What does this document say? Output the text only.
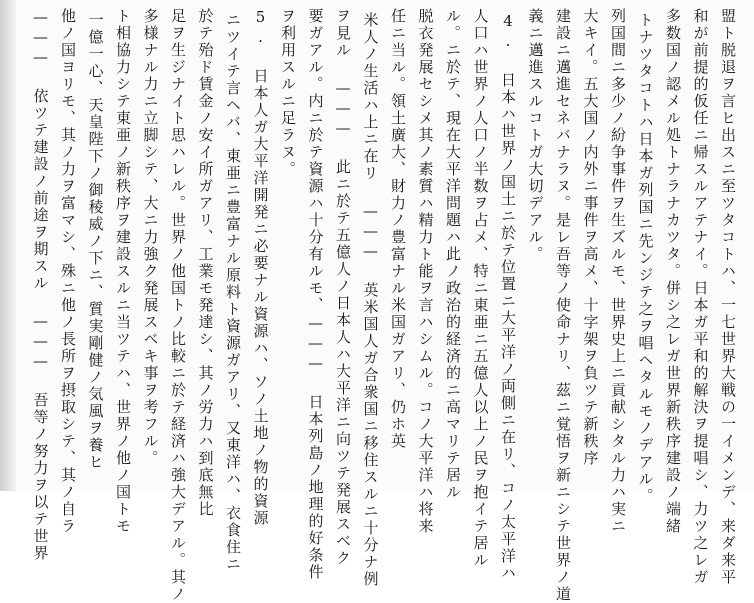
盟ト脱退ヲ言ヒ出スニ至ツタコトハ、一七世界大戦の一イメンデ、来ダ来平
和が前提的仮任ニ帰スルアテナイ。日本ガ平和的解決ヲ提唱シ、力ツ之レガ
多数国ノ認メル処トナラナカツタ。併シ之レガ世界新秩序建設ノ端緒
トナツタコトハ日本ガ列国ニ先ンジテ之ヲ唱ヘタルモノデアル。
列国間ニ多少ノ紛争事件ヲ生ズルモ、世界史上ニ貢献シタル力ハ実ニ
大キイ。五大国ノ内外ニ事件ヲ高メ、十字架ヲ負ツテ新秩序
建設ニ邁進セネバナラヌ。是レ吾等ノ使命ナリ、茲ニ覚悟ヲ新ニシテ世界ノ道
義ニ邁進スルコトガ大切デアル。
4. 日本ハ世界ノ国土ニ於テ位置ニ大平洋ノ両側ニ在リ、コノ太平洋ハ
人口ハ世界ノ人口ノ半数ヲ占メ、特ニ東亜ニ五億人以上ノ民ヲ抱イテ居ル
ル。ニ於テ、現在大平洋問題ハ此ノ政治的経済的ニ高マリテ居ル
脱衣発展セシメ其ノ素質ハ精力ト能ヲ言ハシムル。コノ大平洋ハ将来
任ニ当ル。領土廣大、財力ノ豊富ナル米国ガアリ、仍ホ英
米人ノ生活ハ上ニ在リ ——— 英米国人ガ合衆国ニ移住スルニ十分ナ例
ヲ見ル ——— 此ニ於テ五億人ノ日本人ハ大平洋ニ向ツテ発展スベク
要ガアル。内ニ於テ資源ハ十分有ルモ、——— 日本列島ノ地理的好条件
ヲ利用スルニ足ラヌ。
5. 日本人ガ大平洋開発ニ必要ナル資源ハ、ソノ土地ノ物的資源
ニツイテ言ヘバ、東亜ニ豊富ナル原料ト資源ガアリ、又東洋ハ、衣食住ニ
於テ殆ド賃金ノ安イ所ガアリ、工業モ発達シ、其ノ労力ハ到底無比
足ヲ生ジナイト思ハレル。世界ノ他国トノ比較ニ於テ経済ハ強大デアル。其ノ
多様ナル力ニ立脚シテ、大ニ力強ク発展スベキ事ヲ考フル。
ト相協力シテ東亜ノ新秩序ヲ建設スルニ当ツテハ、世界ノ他ノ国トモ
一億一心、天皇陛下ノ御稜威ノ下ニ、質実剛健ノ気風ヲ養ヒ
他ノ国ヨリモ、其ノ力ヲ富マシ、殊ニ他ノ長所ヲ摂取シテ、其ノ自ラ
——— 依ツテ建設ノ前途ヲ期スル ——— 吾等ノ努力ヲ以テ世界
